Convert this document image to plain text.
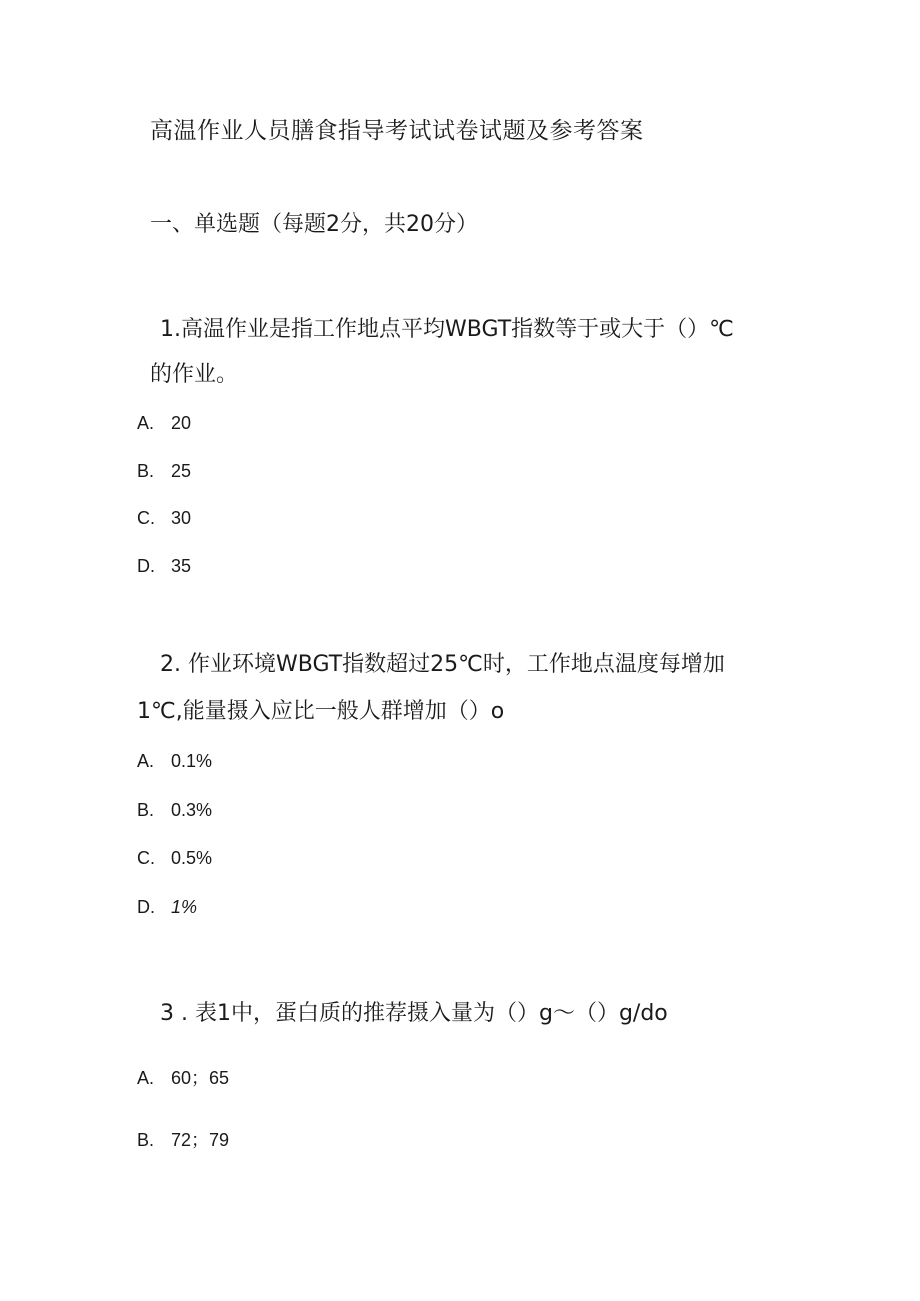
高温作业人员膳食指导考试试卷试题及参考答案
一、单选题（每题2分，共20分）
1.高温作业是指工作地点平均WBGT指数等于或大于（）℃
的作业。
A. 20
B. 25
C. 30
D. 35
2. 作业环境WBGT指数超过25℃时，工作地点温度每增加
1℃,能量摄入应比一般人群增加（）o
A. 0.1%
B. 0.3%
C. 0.5%
D. 1%
3 . 表1中，蛋白质的推荐摄入量为（）g～（）g/do
A. 60；65
B. 72；79
